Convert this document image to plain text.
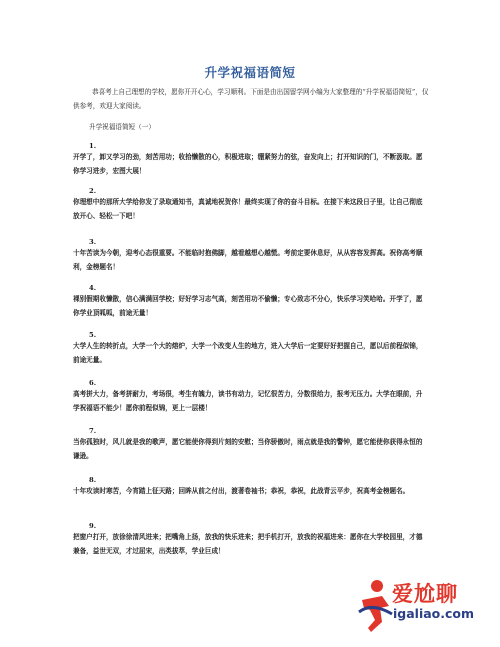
升学祝福语简短
恭喜考上自己理想的学校，愿你开开心心，学习顺利。下面是由出国留学网小编为大家整理的“升学祝福语简短”，仅供参考，欢迎大家阅读。
升学祝福语简短（一）
1.
开学了，卸又学习的劲，刻苦用功；收拾懒散的心，积极进取；绷紧努力的弦，奋发向上；打开知识的门，不断汲取。愿你学习进步，宏图大展！
2.
你理想中的那所大学给你发了录取通知书，真诚地祝贺你！最终实现了你的奋斗目标。在接下来这段日子里，让自己彻底放开心、轻松一下吧！
3.
十年苦读为今朝，迎考心态很重要。不能临时抱佛脚，越看越想心越慌。考前定要休息好，从从容容发挥高。祝你高考顺利，金榜题名！
4.
裸别假期收懒散，信心满满回学校；好好学习志气高，刻苦用功不偷懒；专心致志不分心，快乐学习笑哈哈。开学了，愿你学业顶呱呱，前途无量！
5.
大学人生的转折点，大学一个大的熔炉，大学一个改变人生的地方，进入大学后一定要好好把握自己，愿以后前程似锦，前途无量。
6.
高考拼大力，备考拼耐力，考场很，考生有魄力，读书有动力，记忆很苦力，分数很给力，报考无压力。大学在眼前，升学祝福语不能少！愿你前程似锦，更上一层楼！
7.
当你孤独时，风儿就是我的歌声，愿它能使你得到片刻的安慰；当你骄傲时，雨点就是我的警钟，愿它能使你获得永恒的谦逊。
8.
十年攻读时寒苦，今宵踏上征天路；回眸从前之付出，渡著卷袖书；恭祝，恭祝，此战青云平步，祝高考金榜题名。
9.
把窗户打开，放徐徐清风进来；把嘴角上扬，放我的快乐进来；把手机打开，放我的祝福进来：愿你在大学校园里，才德兼备，益世无双，才过屈宋，出类拔萃，学业巨成！
爱尬聊
igaliao.com
